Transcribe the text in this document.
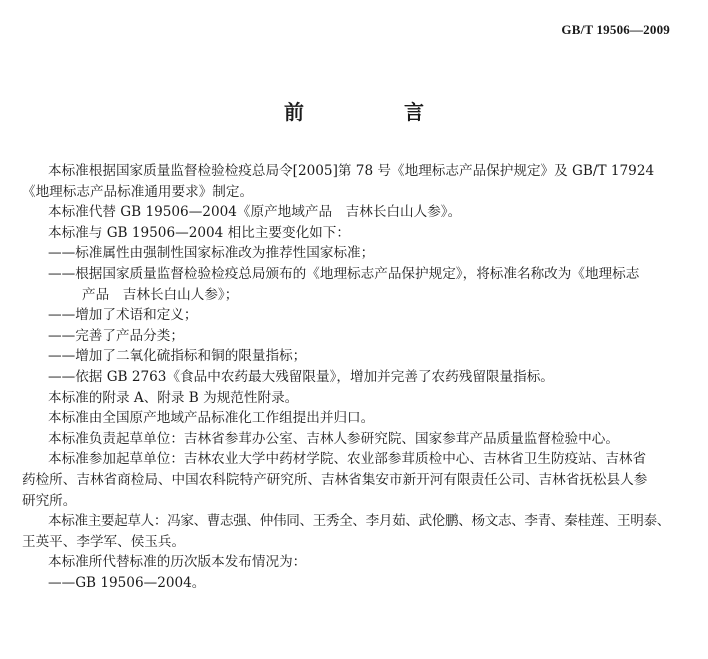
GB/T 19506—2009
前　言

本标准根据国家质量监督检验检疫总局令[2005]第 78 号《地理标志产品保护规定》及 GB/T 17924

《地理标志产品标准通用要求》制定。

本标准代替 GB 19506—2004《原产地域产品　吉林长白山人参》。

本标准与 GB 19506—2004 相比主要变化如下：

——标准属性由强制性国家标准改为推荐性国家标准；

——根据国家质量监督检验检疫总局颁布的《地理标志产品保护规定》，将标准名称改为《地理标志

产品　吉林长白山人参》；

——增加了术语和定义；

——完善了产品分类；

——增加了二氧化硫指标和铜的限量指标；

——依据 GB 2763《食品中农药最大残留限量》，增加并完善了农药残留限量指标。

本标准的附录 A、附录 B 为规范性附录。

本标准由全国原产地域产品标准化工作组提出并归口。

本标准负责起草单位：吉林省参茸办公室、吉林人参研究院、国家参茸产品质量监督检验中心。

本标准参加起草单位：吉林农业大学中药材学院、农业部参茸质检中心、吉林省卫生防疫站、吉林省

药检所、吉林省商检局、中国农科院特产研究所、吉林省集安市新开河有限责任公司、吉林省抚松县人参

研究所。

本标准主要起草人：冯家、曹志强、仲伟同、王秀全、李月茹、武伦鹏、杨文志、李青、秦桂莲、王明泰、

王英平、李学军、侯玉兵。

本标准所代替标准的历次版本发布情况为：

——GB 19506—2004。
